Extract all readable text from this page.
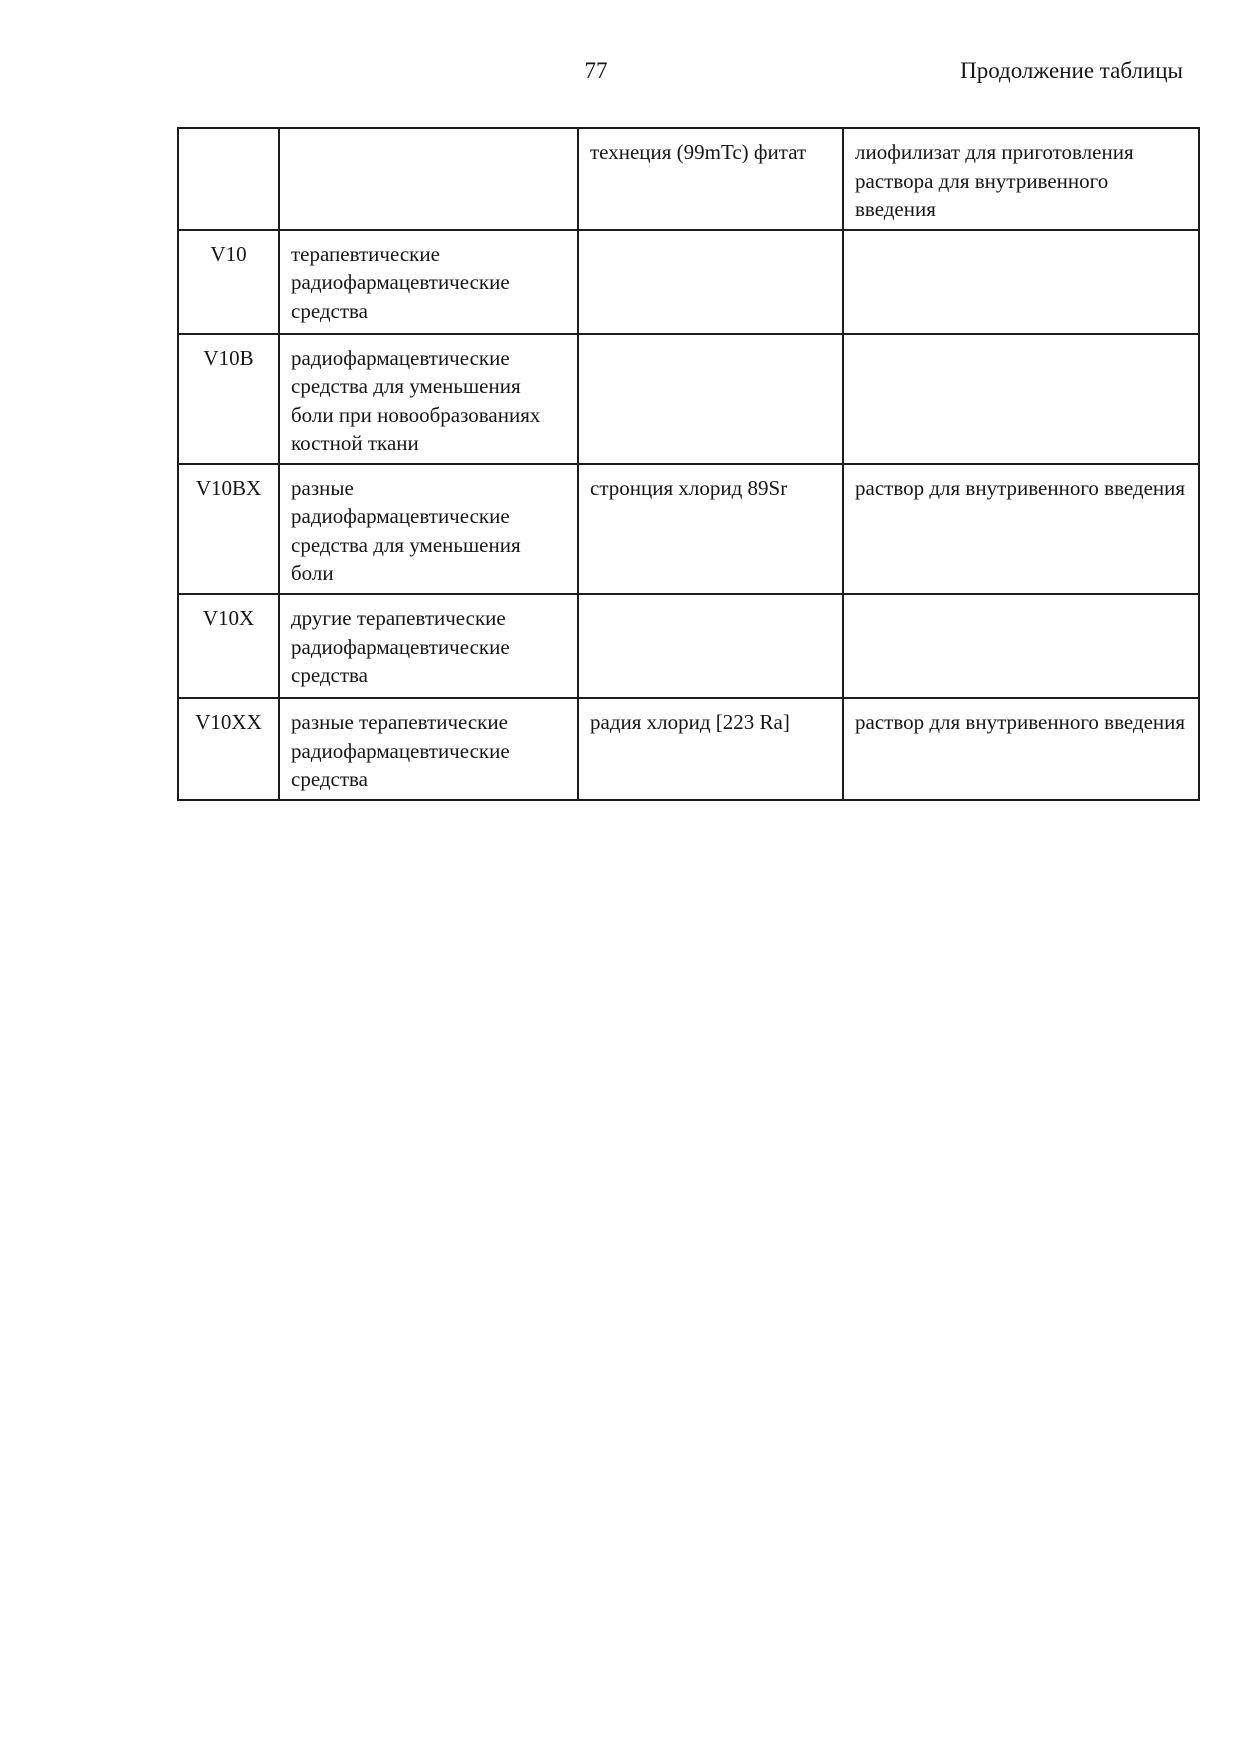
77	Продолжение таблицы
		технеция (99mTc) фитат	лиофилизат для приготовления раствора для внутривенного введения
V10	терапевтические радиофармацевтические средства		
V10B	радиофармацевтические средства для уменьшения боли при новообразованиях костной ткани		
V10BX	разные радиофармацевтические средства для уменьшения боли	стронция хлорид 89Sr	раствор для внутривенного введения
V10X	другие терапевтические радиофармацевтические средства		
V10XX	разные терапевтические радиофармацевтические средства	радия хлорид [223 Ra]	раствор для внутривенного введения
